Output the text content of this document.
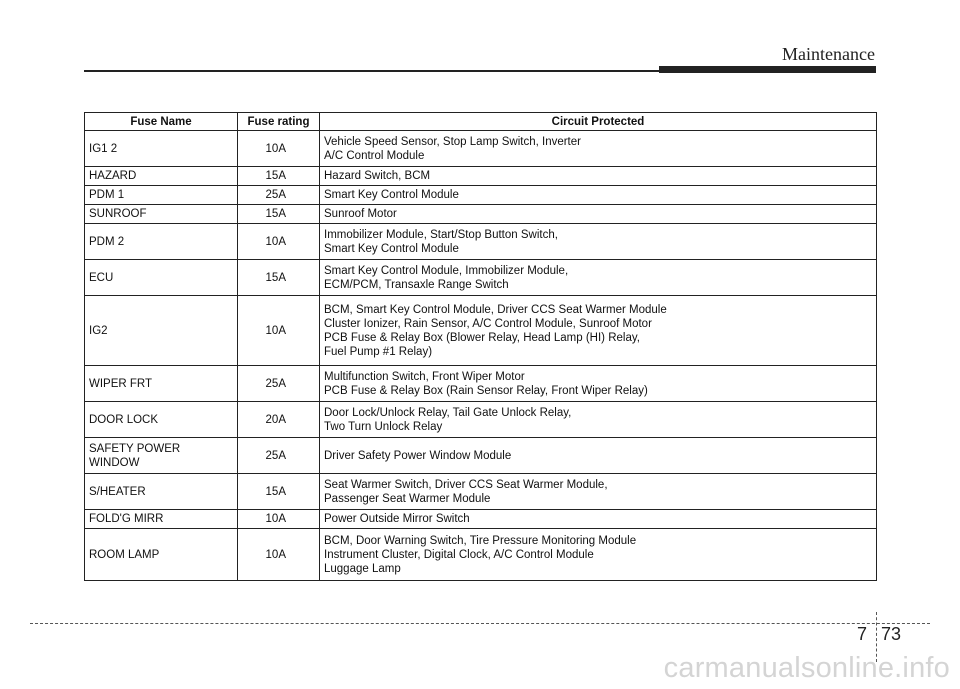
Maintenance
Fuse Name	Fuse rating	Circuit Protected
IG1 2	10A	Vehicle Speed Sensor, Stop Lamp Switch, Inverter
A/C Control Module
HAZARD	15A	Hazard Switch, BCM
PDM 1	25A	Smart Key Control Module
SUNROOF	15A	Sunroof Motor
PDM 2	10A	Immobilizer Module, Start/Stop Button Switch,
Smart Key Control Module
ECU	15A	Smart Key Control Module, Immobilizer Module,
ECM/PCM, Transaxle Range Switch
IG2	10A	BCM, Smart Key Control Module, Driver CCS Seat Warmer Module
Cluster Ionizer, Rain Sensor, A/C Control Module, Sunroof Motor
PCB Fuse & Relay Box (Blower Relay, Head Lamp (HI) Relay,
Fuel Pump #1 Relay)
WIPER FRT	25A	Multifunction Switch, Front Wiper Motor
PCB Fuse & Relay Box (Rain Sensor Relay, Front Wiper Relay)
DOOR LOCK	20A	Door Lock/Unlock Relay, Tail Gate Unlock Relay,
Two Turn Unlock Relay
SAFETY POWER
WINDOW	25A	Driver Safety Power Window Module
S/HEATER	15A	Seat Warmer Switch, Driver CCS Seat Warmer Module,
Passenger Seat Warmer Module
FOLD'G MIRR	10A	Power Outside Mirror Switch
ROOM LAMP	10A	BCM, Door Warning Switch, Tire Pressure Monitoring Module
Instrument Cluster, Digital Clock, A/C Control Module
Luggage Lamp
7 73
carmanualsonline.info
